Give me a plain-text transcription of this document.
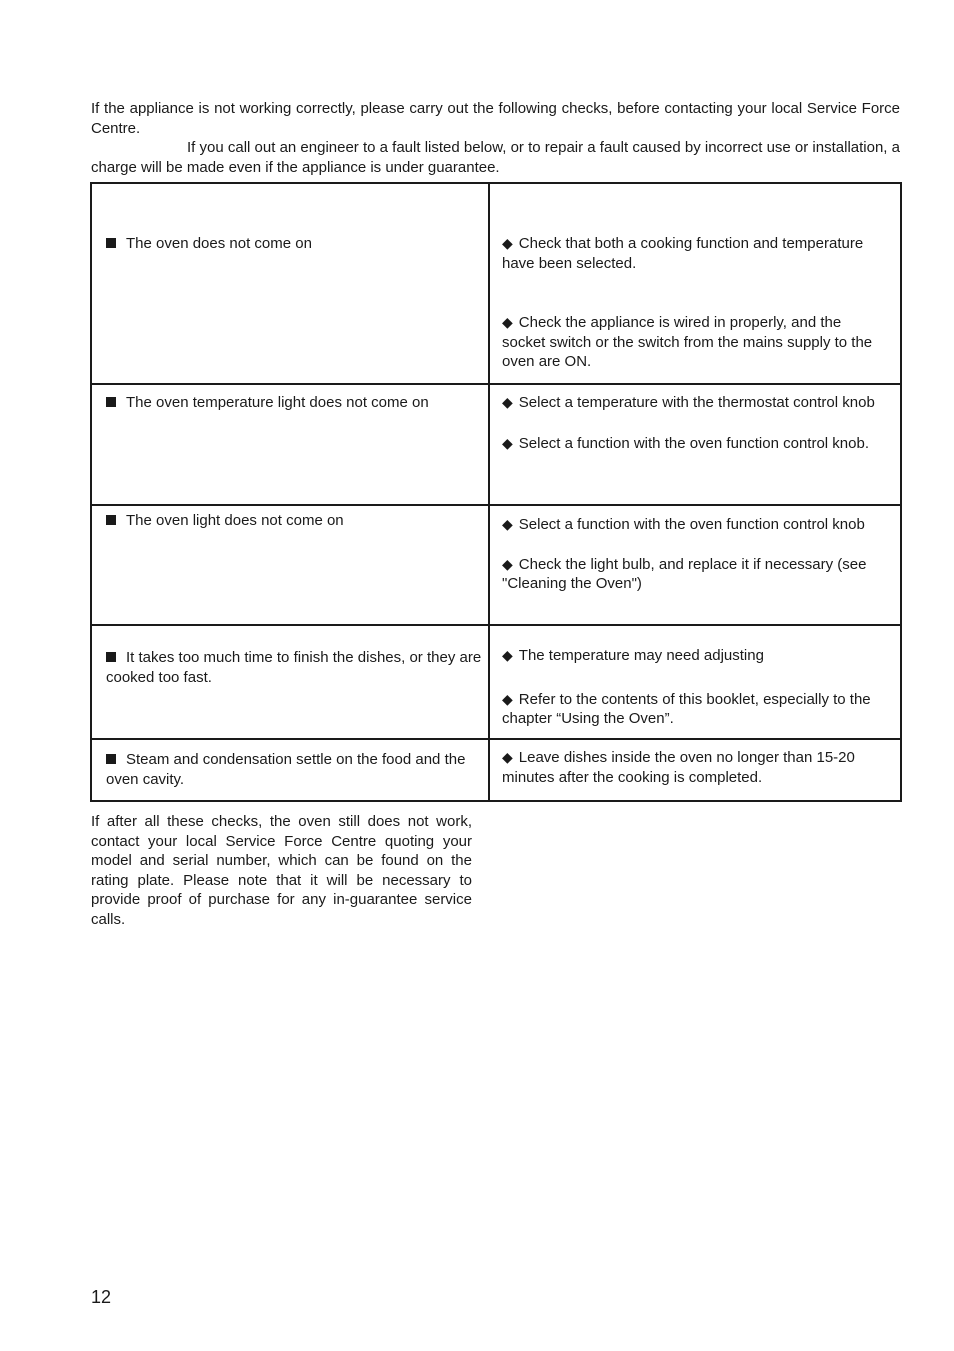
If the appliance is not working correctly, please carry out the following checks, before contacting your local Service Force Centre.

If you call out an engineer to a fault listed below, or to repair a fault caused by incorrect use or installation, a charge will be made even if the appliance is under guarantee.

The oven does not come on	◆ Check that both a cooking function and temperature have been selected.

◆ Check the appliance is wired in properly, and the socket switch or the switch from the mains supply to the oven are ON.

The oven temperature light does not come on	◆ Select a temperature with the thermostat control knob

◆ Select a function with the oven function control knob.

The oven light does not come on	◆ Select a function with the oven function control knob

◆ Check the light bulb, and replace it if necessary (see "Cleaning the Oven")

It takes too much time to finish the dishes, or they are cooked too fast.	◆ The temperature may need adjusting

◆ Refer to the contents of this booklet, especially to the chapter “Using the Oven”.

Steam and condensation settle on the food and the oven cavity.	◆ Leave dishes inside the oven no longer than 15-20 minutes after the cooking is completed.

If after all these checks, the oven still does not work, contact your local Service Force Centre quoting your model and serial number, which can be found on the rating plate. Please note that it will be necessary to provide proof of purchase for any in-guarantee service calls.

12
